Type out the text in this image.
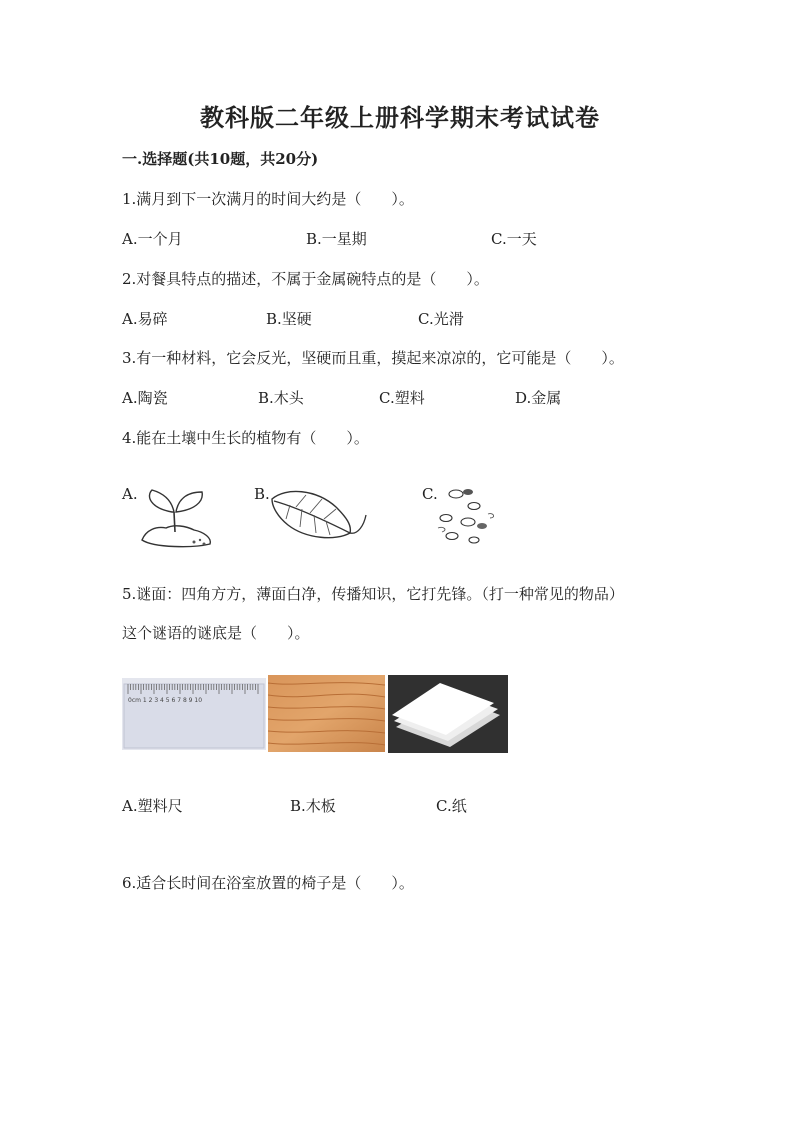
教科版二年级上册科学期末考试试卷
一.选择题(共10题，共20分)
1.满月到下一次满月的时间大约是（　　）。
A.一个月	B.一星期	C.一天
2.对餐具特点的描述，不属于金属碗特点的是（　　）。
A.易碎	B.坚硬	C.光滑
3.有一种材料，它会反光，坚硬而且重，摸起来凉凉的，它可能是（　　）。
A.陶瓷	B.木头	C.塑料	D.金属
4.能在土壤中生长的植物有（　　）。
A.	B.	C.
5.谜面：四角方方，薄面白净，传播知识，它打先锋。（打一种常见的物品）
这个谜语的谜底是（　　）。
0cm 1 2 3 4 5 6 7 8 9 10
A.塑料尺	B.木板	C.纸
6.适合长时间在浴室放置的椅子是（　　）。
